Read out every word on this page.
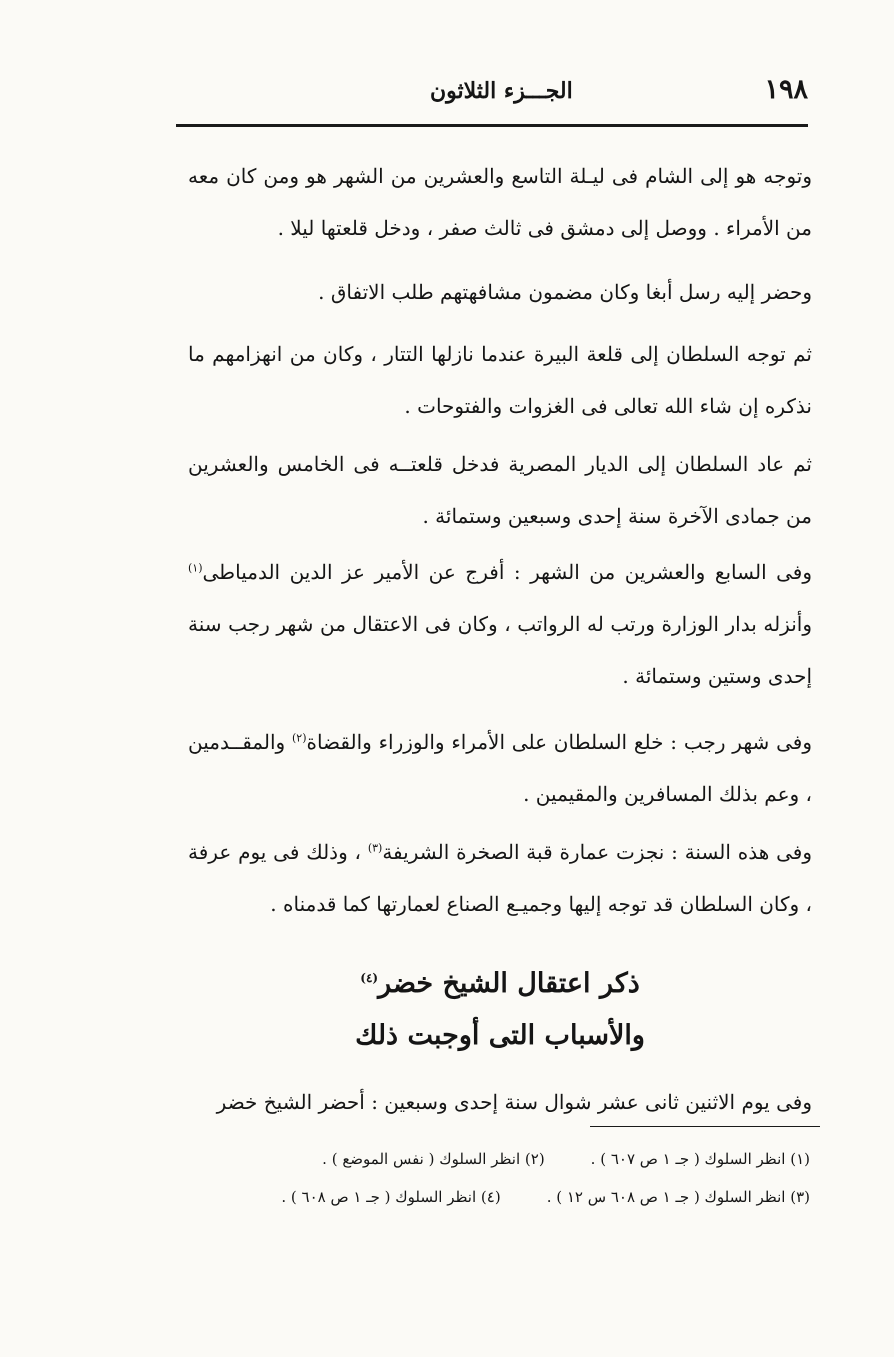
١٩٨
الجـــزء الثلاثون
وتوجه هو إلى الشام فى ليـلة التاسع والعشرين من الشهر هو ومن كان معه من الأمراء . ووصل إلى دمشق فى ثالث صفر ، ودخل قلعتها ليلا .
وحضر إليه رسل أبغا وكان مضمون مشافهتهم طلب الاتفاق .
ثم توجه السلطان إلى قلعة البيرة عندما نازلها التتار ، وكان من انهزامهم ما نذكره إن شاء الله تعالى فى الغزوات والفتوحات .
ثم عاد السلطان إلى الديار المصرية فدخل قلعتــه فى الخامس والعشرين من جمادى الآخرة سنة إحدى وسبعين وستمائة .
وفى السابع والعشرين من الشهر : أفرج عن الأمير عز الدين الدمياطى$^{(١)}$ وأنزله بدار الوزارة ورتب له الرواتب ، وكان فى الاعتقال من شهر رجب سنة إحدى وستين وستمائة .
وفى شهر رجب : خلع السلطان على الأمراء والوزراء والقضاة$^{(٢)}$ والمقــدمين ، وعم بذلك المسافرين والمقيمين .
وفى هذه السنة : نجزت عمارة قبة الصخرة الشريفة$^{(٣)}$ ، وذلك فى يوم عرفة ، وكان السلطان قد توجه إليها وجميـع الصناع لعمارتها كما قدمناه .
ذكر اعتقال الشيخ خضر$^{(٤)}$
والأسباب التى أوجبت ذلك
وفى يوم الاثنين ثانى عشر شوال سنة إحدى وسبعين : أحضر الشيخ خضر
(١) انظر السلوك ( جـ ١ ص ٦٠٧ ) .
(٢) انظر السلوك ( نفس الموضع ) .
(٣) انظر السلوك ( جـ ١ ص ٦٠٨ س ١٢ ) .
(٤) انظر السلوك ( جـ ١ ص ٦٠٨ ) .
